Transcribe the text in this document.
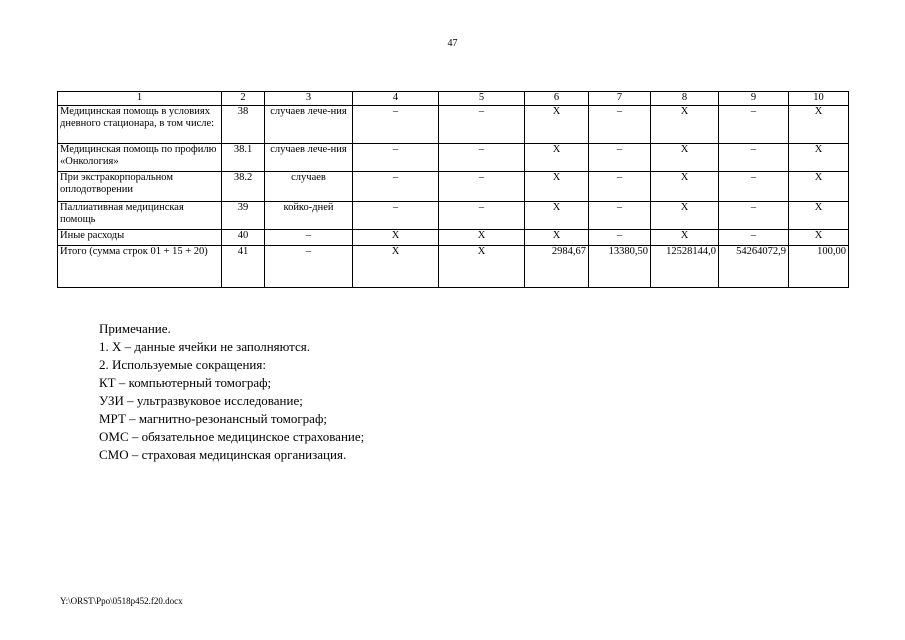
47
1	2	3	4	5	6	7	8	9	10
Медицинская помощь в условиях дневного стационара, в том числе:	38	случаев лече-ния	–	–	Х	–	Х	–	Х
Медицинская помощь по профилю «Онкология»	38.1	случаев лече-ния	–	–	Х	–	Х	–	Х
При экстракорпоральном оплодотворении	38.2	случаев	–	–	Х	–	Х	–	Х
Паллиативная медицинская помощь	39	койко-дней	–	–	Х	–	Х	–	Х
Иные расходы	40	–	Х	Х	Х	–	Х	–	Х
Итого (сумма строк 01 + 15 + 20)	41	–	Х	Х	2984,67	13380,50	12528144,0	54264072,9	100,00
Примечание.
1. Х – данные ячейки не заполняются.
2. Используемые сокращения:
КТ – компьютерный томограф;
УЗИ – ультразвуковое исследование;
МРТ – магнитно-резонансный томограф;
ОМС – обязательное медицинское страхование;
СМО – страховая медицинская организация.
Y:\ORST\Ppo\0518p452.f20.docx
